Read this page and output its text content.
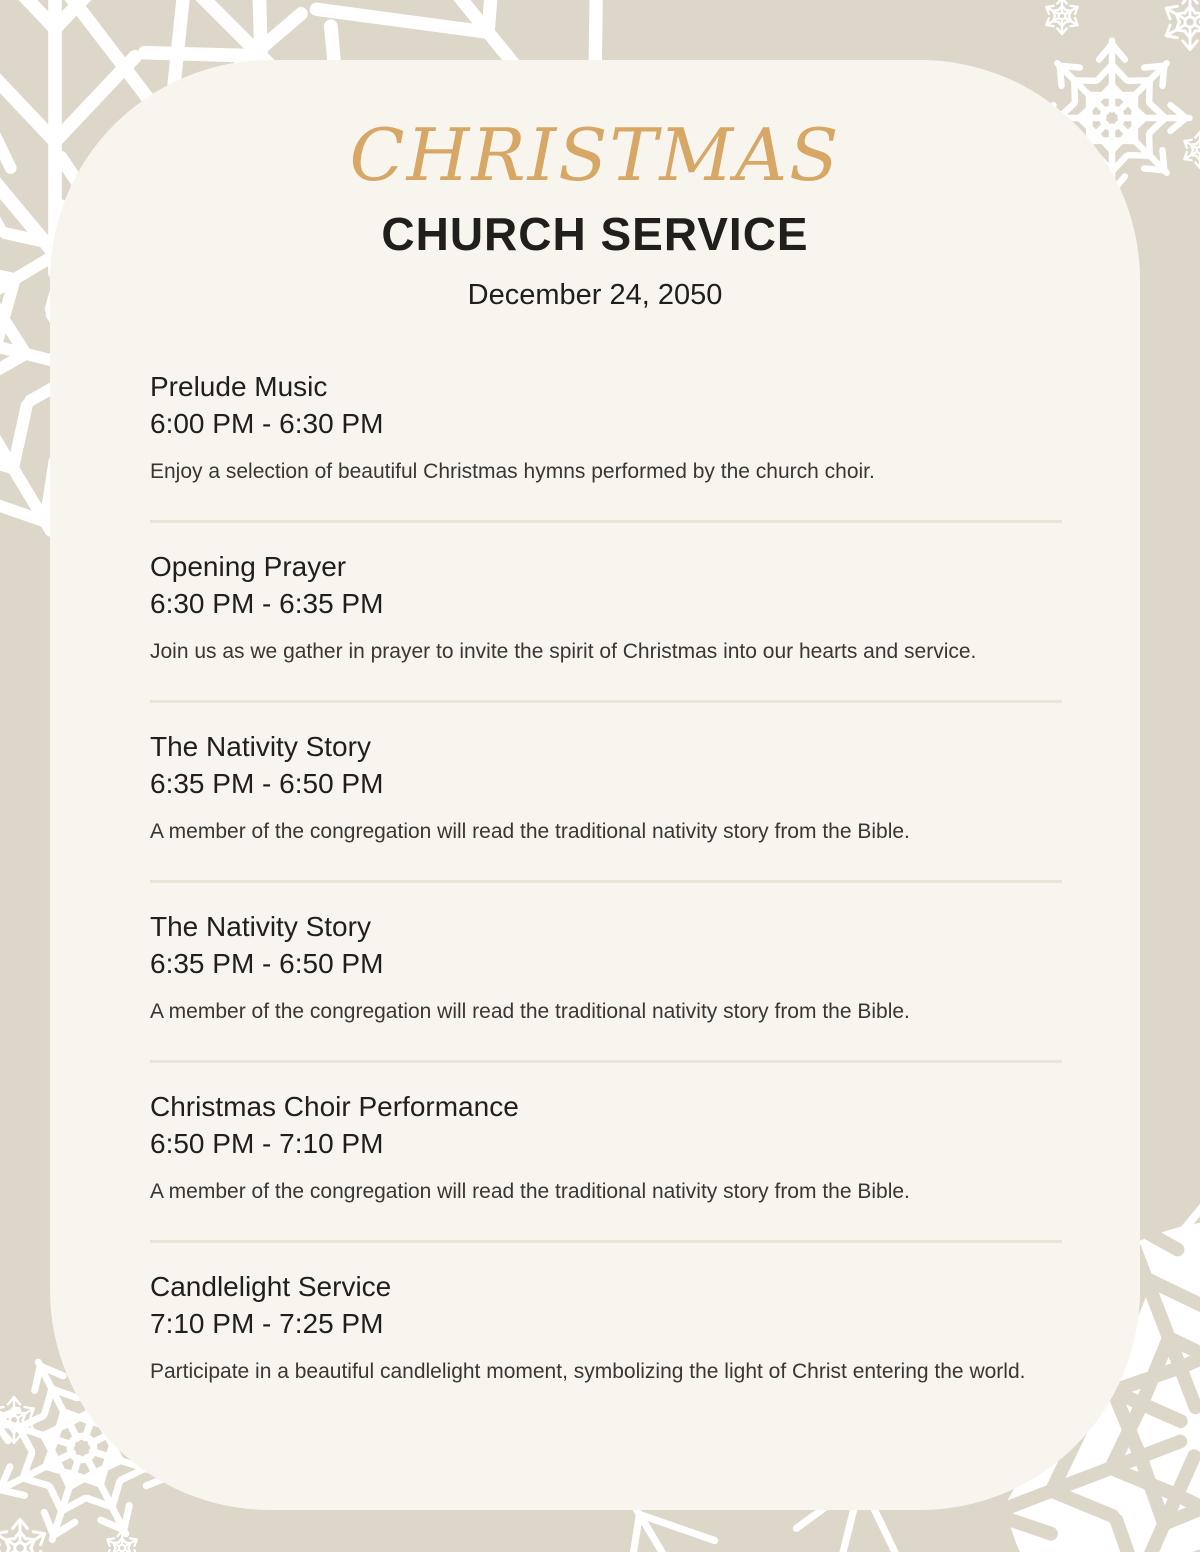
CHRISTMAS
CHURCH SERVICE

December 24, 2050

Prelude Music
6:00 PM - 6:30 PM

Enjoy a selection of beautiful Christmas hymns performed by the church choir.

Opening Prayer
6:30 PM - 6:35 PM

Join us as we gather in prayer to invite the spirit of Christmas into our hearts and service.

The Nativity Story
6:35 PM - 6:50 PM

A member of the congregation will read the traditional nativity story from the Bible.

The Nativity Story
6:35 PM - 6:50 PM

A member of the congregation will read the traditional nativity story from the Bible.

Christmas Choir Performance
6:50 PM - 7:10 PM

A member of the congregation will read the traditional nativity story from the Bible.

Candlelight Service
7:10 PM - 7:25 PM

Participate in a beautiful candlelight moment, symbolizing the light of Christ entering the world.
